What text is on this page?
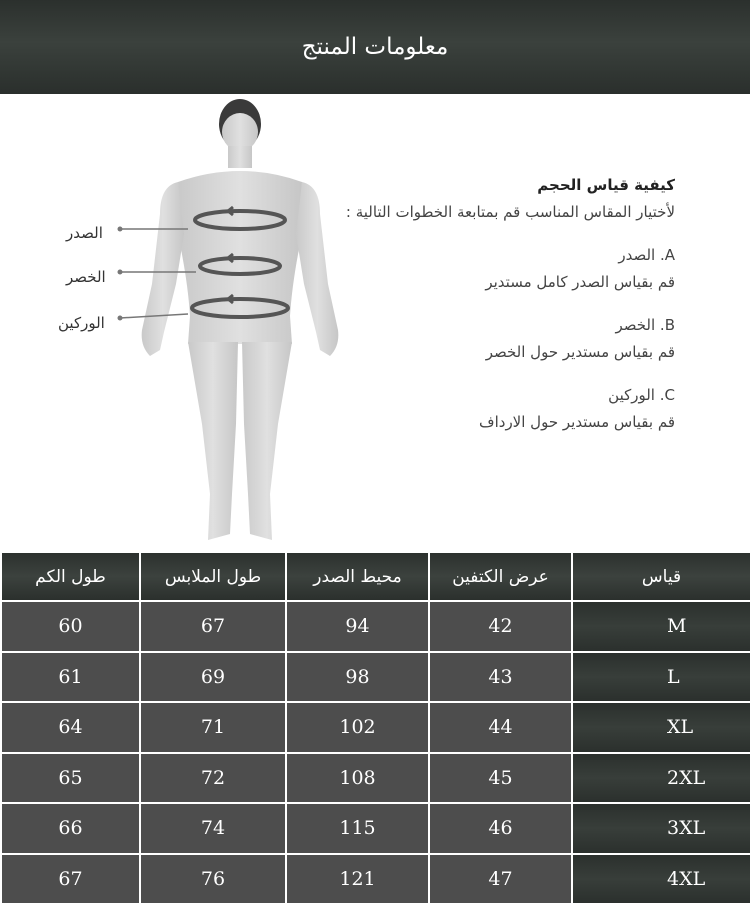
معلومات المنتج
الصدر
الخصر
الوركين
كيفية قياس الحجم
لأختيار المقاس المناسب قم بمتابعة الخطوات التالية :
A. الصدر
قم بقياس الصدر كامل مستدير
B. الخصر
قم بقياس مستدير حول الخصر
C. الوركين
قم بقياس مستدير حول الارداف
طول الكم	طول الملابس	محيط الصدر	عرض الكتفين	قياس
60	67	94	42	M
61	69	98	43	L
64	71	102	44	XL
65	72	108	45	2XL
66	74	115	46	3XL
67	76	121	47	4XL
